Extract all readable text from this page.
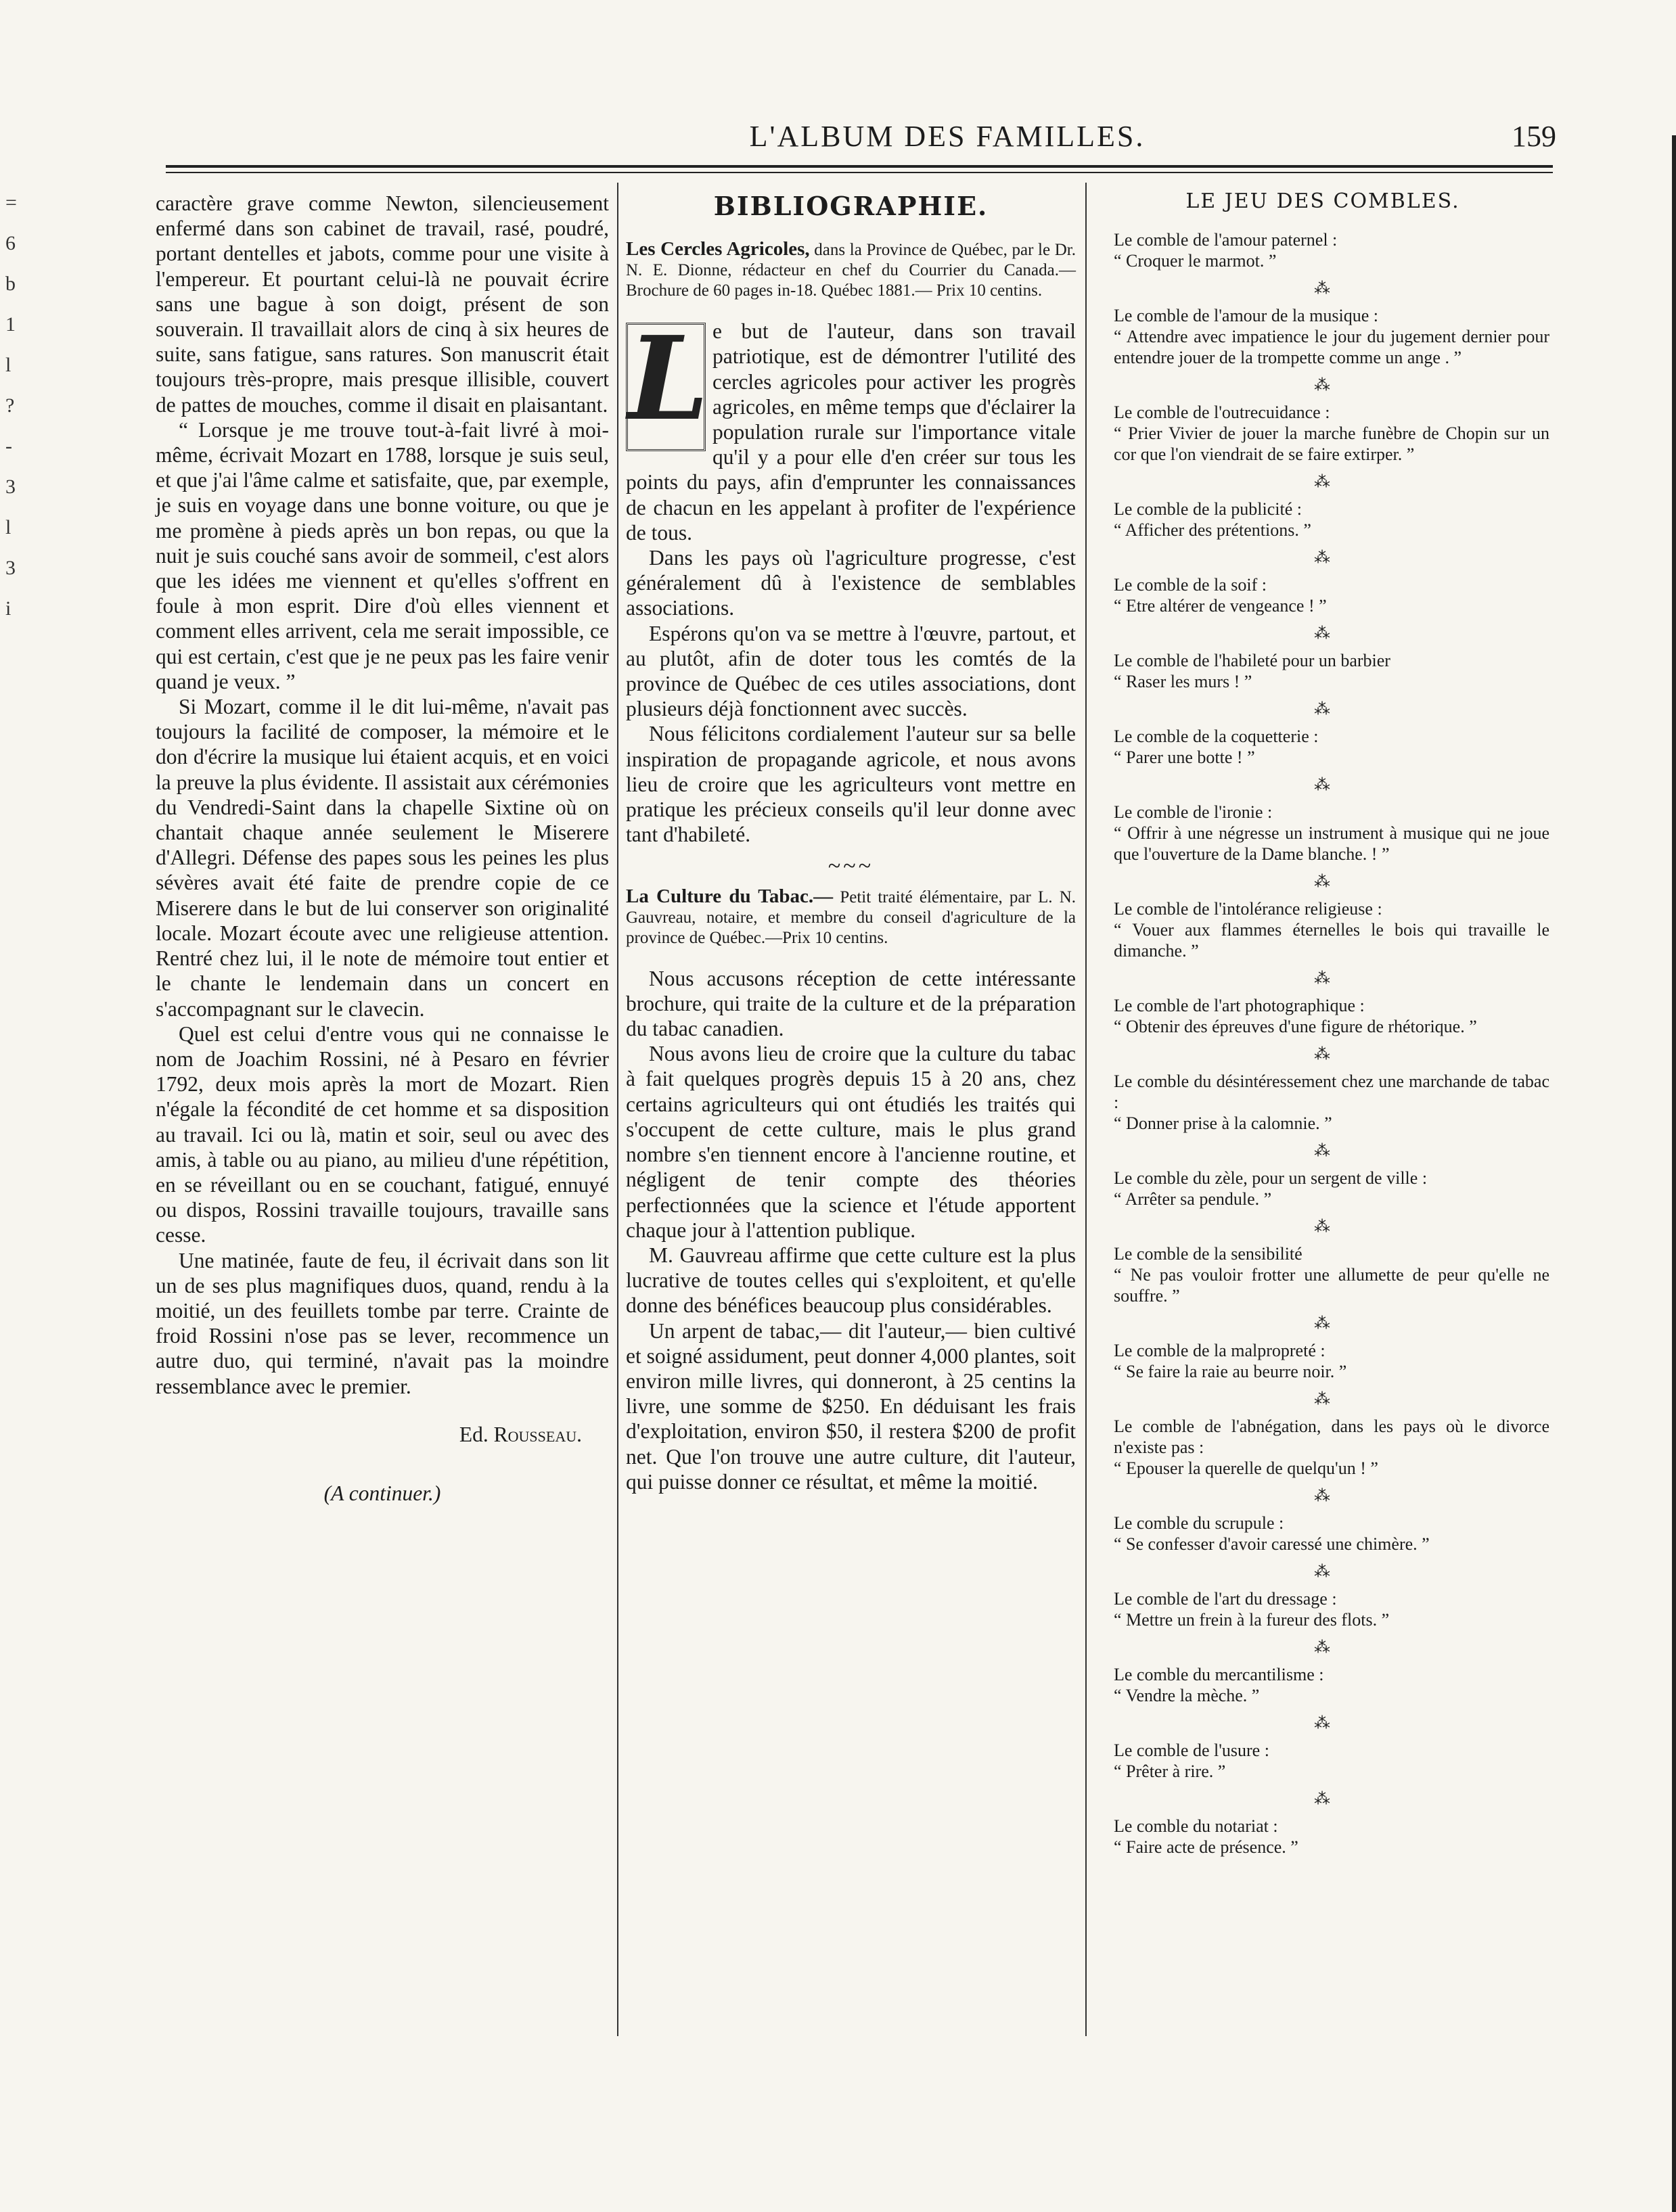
=
6
b
1
l
?
-
3
l
3
i
L'ALBUM DES FAMILLES.	159

caractère grave comme Newton, silencieusement enfermé dans son cabinet de travail, rasé, poudré, portant dentelles et jabots, comme pour une visite à l'empereur. Et pourtant celui-là ne pouvait écrire sans une bague à son doigt, présent de son souverain. Il travaillait alors de cinq à six heures de suite, sans fatigue, sans ratures. Son manuscrit était toujours très-propre, mais presque illisible, couvert de pattes de mouches, comme il disait en plaisantant.

“ Lorsque je me trouve tout-à-fait livré à moi-même, écrivait Mozart en 1788, lorsque je suis seul, et que j'ai l'âme calme et satisfaite, que, par exemple, je suis en voyage dans une bonne voiture, ou que je me promène à pieds après un bon repas, ou que la nuit je suis couché sans avoir de sommeil, c'est alors que les idées me viennent et qu'elles s'offrent en foule à mon esprit. Dire d'où elles viennent et comment elles arrivent, cela me serait impossible, ce qui est certain, c'est que je ne peux pas les faire venir quand je veux. ”

Si Mozart, comme il le dit lui-même, n'avait pas toujours la facilité de composer, la mémoire et le don d'écrire la musique lui étaient acquis, et en voici la preuve la plus évidente. Il assistait aux cérémonies du Vendredi-Saint dans la chapelle Sixtine où on chantait chaque année seulement le Miserere d'Allegri. Défense des papes sous les peines les plus sévères avait été faite de prendre copie de ce Miserere dans le but de lui conserver son originalité locale. Mozart écoute avec une religieuse attention. Rentré chez lui, il le note de mémoire tout entier et le chante le lendemain dans un concert en s'accompagnant sur le clavecin.

Quel est celui d'entre vous qui ne connaisse le nom de Joachim Rossini, né à Pesaro en février 1792, deux mois après la mort de Mozart. Rien n'égale la fécondité de cet homme et sa disposition au travail. Ici ou là, matin et soir, seul ou avec des amis, à table ou au piano, au milieu d'une répétition, en se réveillant ou en se couchant, fatigué, ennuyé ou dispos, Rossini travaille toujours, travaille sans cesse.

Une matinée, faute de feu, il écrivait dans son lit un de ses plus magnifiques duos, quand, rendu à la moitié, un des feuillets tombe par terre. Crainte de froid Rossini n'ose pas se lever, recommence un autre duo, qui terminé, n'avait pas la moindre ressemblance avec le premier.

Ed. Rousseau.
(A continuer.)
BIBLIOGRAPHIE.
Les Cercles Agricoles, dans la Province de Québec, par le Dr. N. E. Dionne, rédacteur en chef du Courrier du Canada.— Brochure de 60 pages in-18. Québec 1881.— Prix 10 centins.
L e but de l'auteur, dans son travail patriotique, est de démontrer l'utilité des cercles agricoles pour activer les progrès agricoles, en même temps que d'éclairer la population rurale sur l'importance vitale qu'il y a pour elle d'en créer sur tous les points du pays, afin d'emprunter les connaissances de chacun en les appelant à profiter de l'expérience de tous.

Dans les pays où l'agriculture progresse, c'est généralement dû à l'existence de semblables associations.

Espérons qu'on va se mettre à l'œuvre, partout, et au plutôt, afin de doter tous les comtés de la province de Québec de ces utiles associations, dont plusieurs déjà fonctionnent avec succès.

Nous félicitons cordialement l'auteur sur sa belle inspiration de propagande agricole, et nous avons lieu de croire que les agriculteurs vont mettre en pratique les précieux conseils qu'il leur donne avec tant d'habileté.

~~~
La Culture du Tabac.— Petit traité élémentaire, par L. N. Gauvreau, notaire, et membre du conseil d'agriculture de la province de Québec.—Prix 10 centins.

Nous accusons réception de cette intéressante brochure, qui traite de la culture et de la préparation du tabac canadien.

Nous avons lieu de croire que la culture du tabac à fait quelques progrès depuis 15 à 20 ans, chez certains agriculteurs qui ont étudiés les traités qui s'occupent de cette culture, mais le plus grand nombre s'en tiennent encore à l'ancienne routine, et négligent de tenir compte des théories perfectionnées que la science et l'étude apportent chaque jour à l'attention publique.

M. Gauvreau affirme que cette culture est la plus lucrative de toutes celles qui s'exploitent, et qu'elle donne des bénéfices beaucoup plus considérables.

Un arpent de tabac,— dit l'auteur,— bien cultivé et soigné assidument, peut donner 4,000 plantes, soit environ mille livres, qui donneront, à 25 centins la livre, une somme de $250. En déduisant les frais d'exploitation, environ $50, il restera $200 de profit net. Que l'on trouve une autre culture, dit l'auteur, qui puisse donner ce résultat, et même la moitié.

LE JEU DES COMBLES.
Le comble de l'amour paternel :
“ Croquer le marmot. ”
⁂
Le comble de l'amour de la musique :
“ Attendre avec impatience le jour du jugement dernier pour entendre jouer de la trompette comme un ange . ”
⁂
Le comble de l'outrecuidance :
“ Prier Vivier de jouer la marche funèbre de Chopin sur un cor que l'on viendrait de se faire extirper. ”
⁂
Le comble de la publicité :
“ Afficher des prétentions. ”
⁂
Le comble de la soif :
“ Etre altérer de vengeance ! ”
⁂
Le comble de l'habileté pour un barbier
“ Raser les murs ! ”
⁂
Le comble de la coquetterie :
“ Parer une botte ! ”
⁂
Le comble de l'ironie :
“ Offrir à une négresse un instrument à musique qui ne joue que l'ouverture de la Dame blanche. ! ”
⁂
Le comble de l'intolérance religieuse :
“ Vouer aux flammes éternelles le bois qui travaille le dimanche. ”
⁂
Le comble de l'art photographique :
“ Obtenir des épreuves d'une figure de rhétorique. ”
⁂
Le comble du désintéressement chez une marchande de tabac :
“ Donner prise à la calomnie. ”
⁂
Le comble du zèle, pour un sergent de ville :
“ Arrêter sa pendule. ”
⁂
Le comble de la sensibilité
“ Ne pas vouloir frotter une allumette de peur qu'elle ne souffre. ”
⁂
Le comble de la malpropreté :
“ Se faire la raie au beurre noir. ”
⁂
Le comble de l'abnégation, dans les pays où le divorce n'existe pas :
“ Epouser la querelle de quelqu'un ! ”
⁂
Le comble du scrupule :
“ Se confesser d'avoir caressé une chimère. ”
⁂
Le comble de l'art du dressage :
“ Mettre un frein à la fureur des flots. ”
⁂
Le comble du mercantilisme :
“ Vendre la mèche. ”
⁂
Le comble de l'usure :
“ Prêter à rire. ”
⁂
Le comble du notariat :
“ Faire acte de présence. ”
